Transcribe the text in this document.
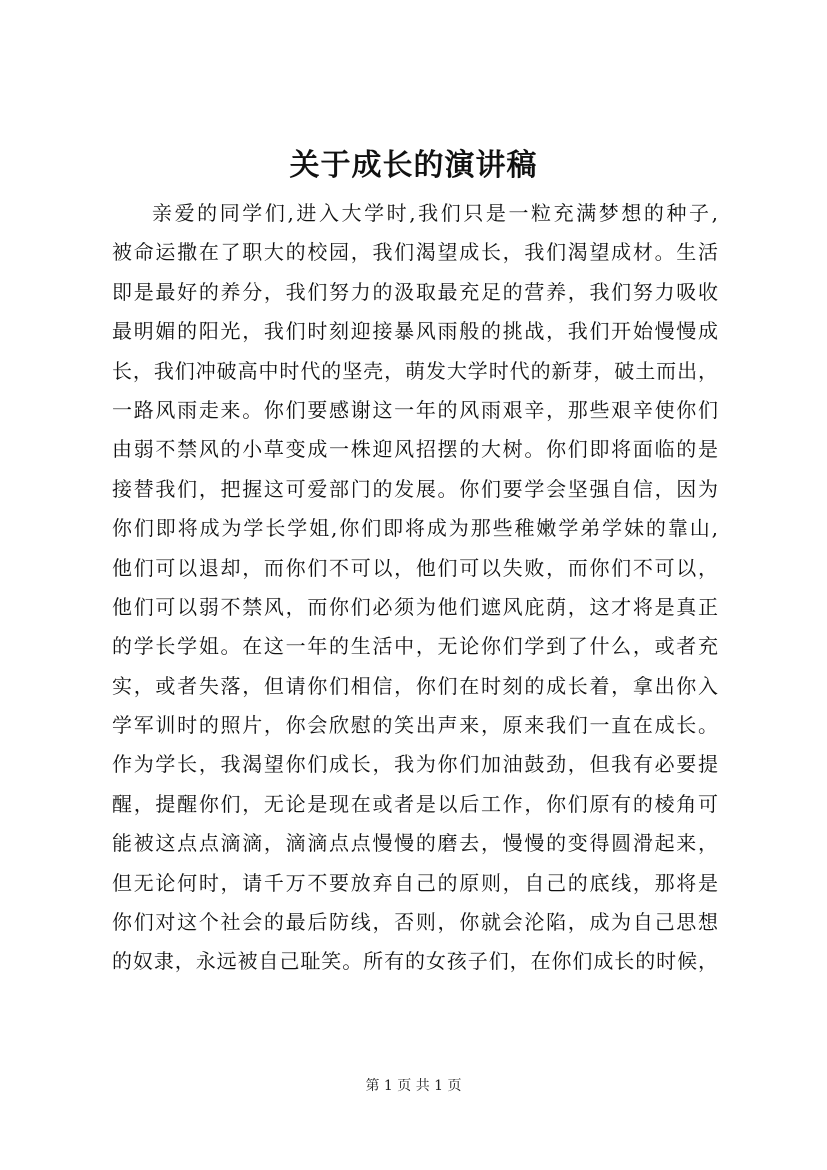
关于成长的演讲稿
亲爱的同学们,进入大学时,我们只是一粒充满梦想的种子,
被命运撒在了职大的校园，我们渴望成长，我们渴望成材。生活
即是最好的养分，我们努力的汲取最充足的营养，我们努力吸收
最明媚的阳光，我们时刻迎接暴风雨般的挑战，我们开始慢慢成
长，我们冲破高中时代的坚壳，萌发大学时代的新芽，破土而出，
一路风雨走来。你们要感谢这一年的风雨艰辛，那些艰辛使你们
由弱不禁风的小草变成一株迎风招摆的大树。你们即将面临的是
接替我们，把握这可爱部门的发展。你们要学会坚强自信，因为
你们即将成为学长学姐,你们即将成为那些稚嫩学弟学妹的靠山,
他们可以退却，而你们不可以，他们可以失败，而你们不可以，
他们可以弱不禁风，而你们必须为他们遮风庇荫，这才将是真正
的学长学姐。在这一年的生活中，无论你们学到了什么，或者充
实，或者失落，但请你们相信，你们在时刻的成长着，拿出你入
学军训时的照片，你会欣慰的笑出声来，原来我们一直在成长。
作为学长，我渴望你们成长，我为你们加油鼓劲，但我有必要提
醒，提醒你们，无论是现在或者是以后工作，你们原有的棱角可
能被这点点滴滴，滴滴点点慢慢的磨去，慢慢的变得圆滑起来，
但无论何时，请千万不要放弃自己的原则，自己的底线，那将是
你们对这个社会的最后防线，否则，你就会沦陷，成为自己思想
的奴隶，永远被自己耻笑。所有的女孩子们，在你们成长的时候，
第 1 页 共 1 页
